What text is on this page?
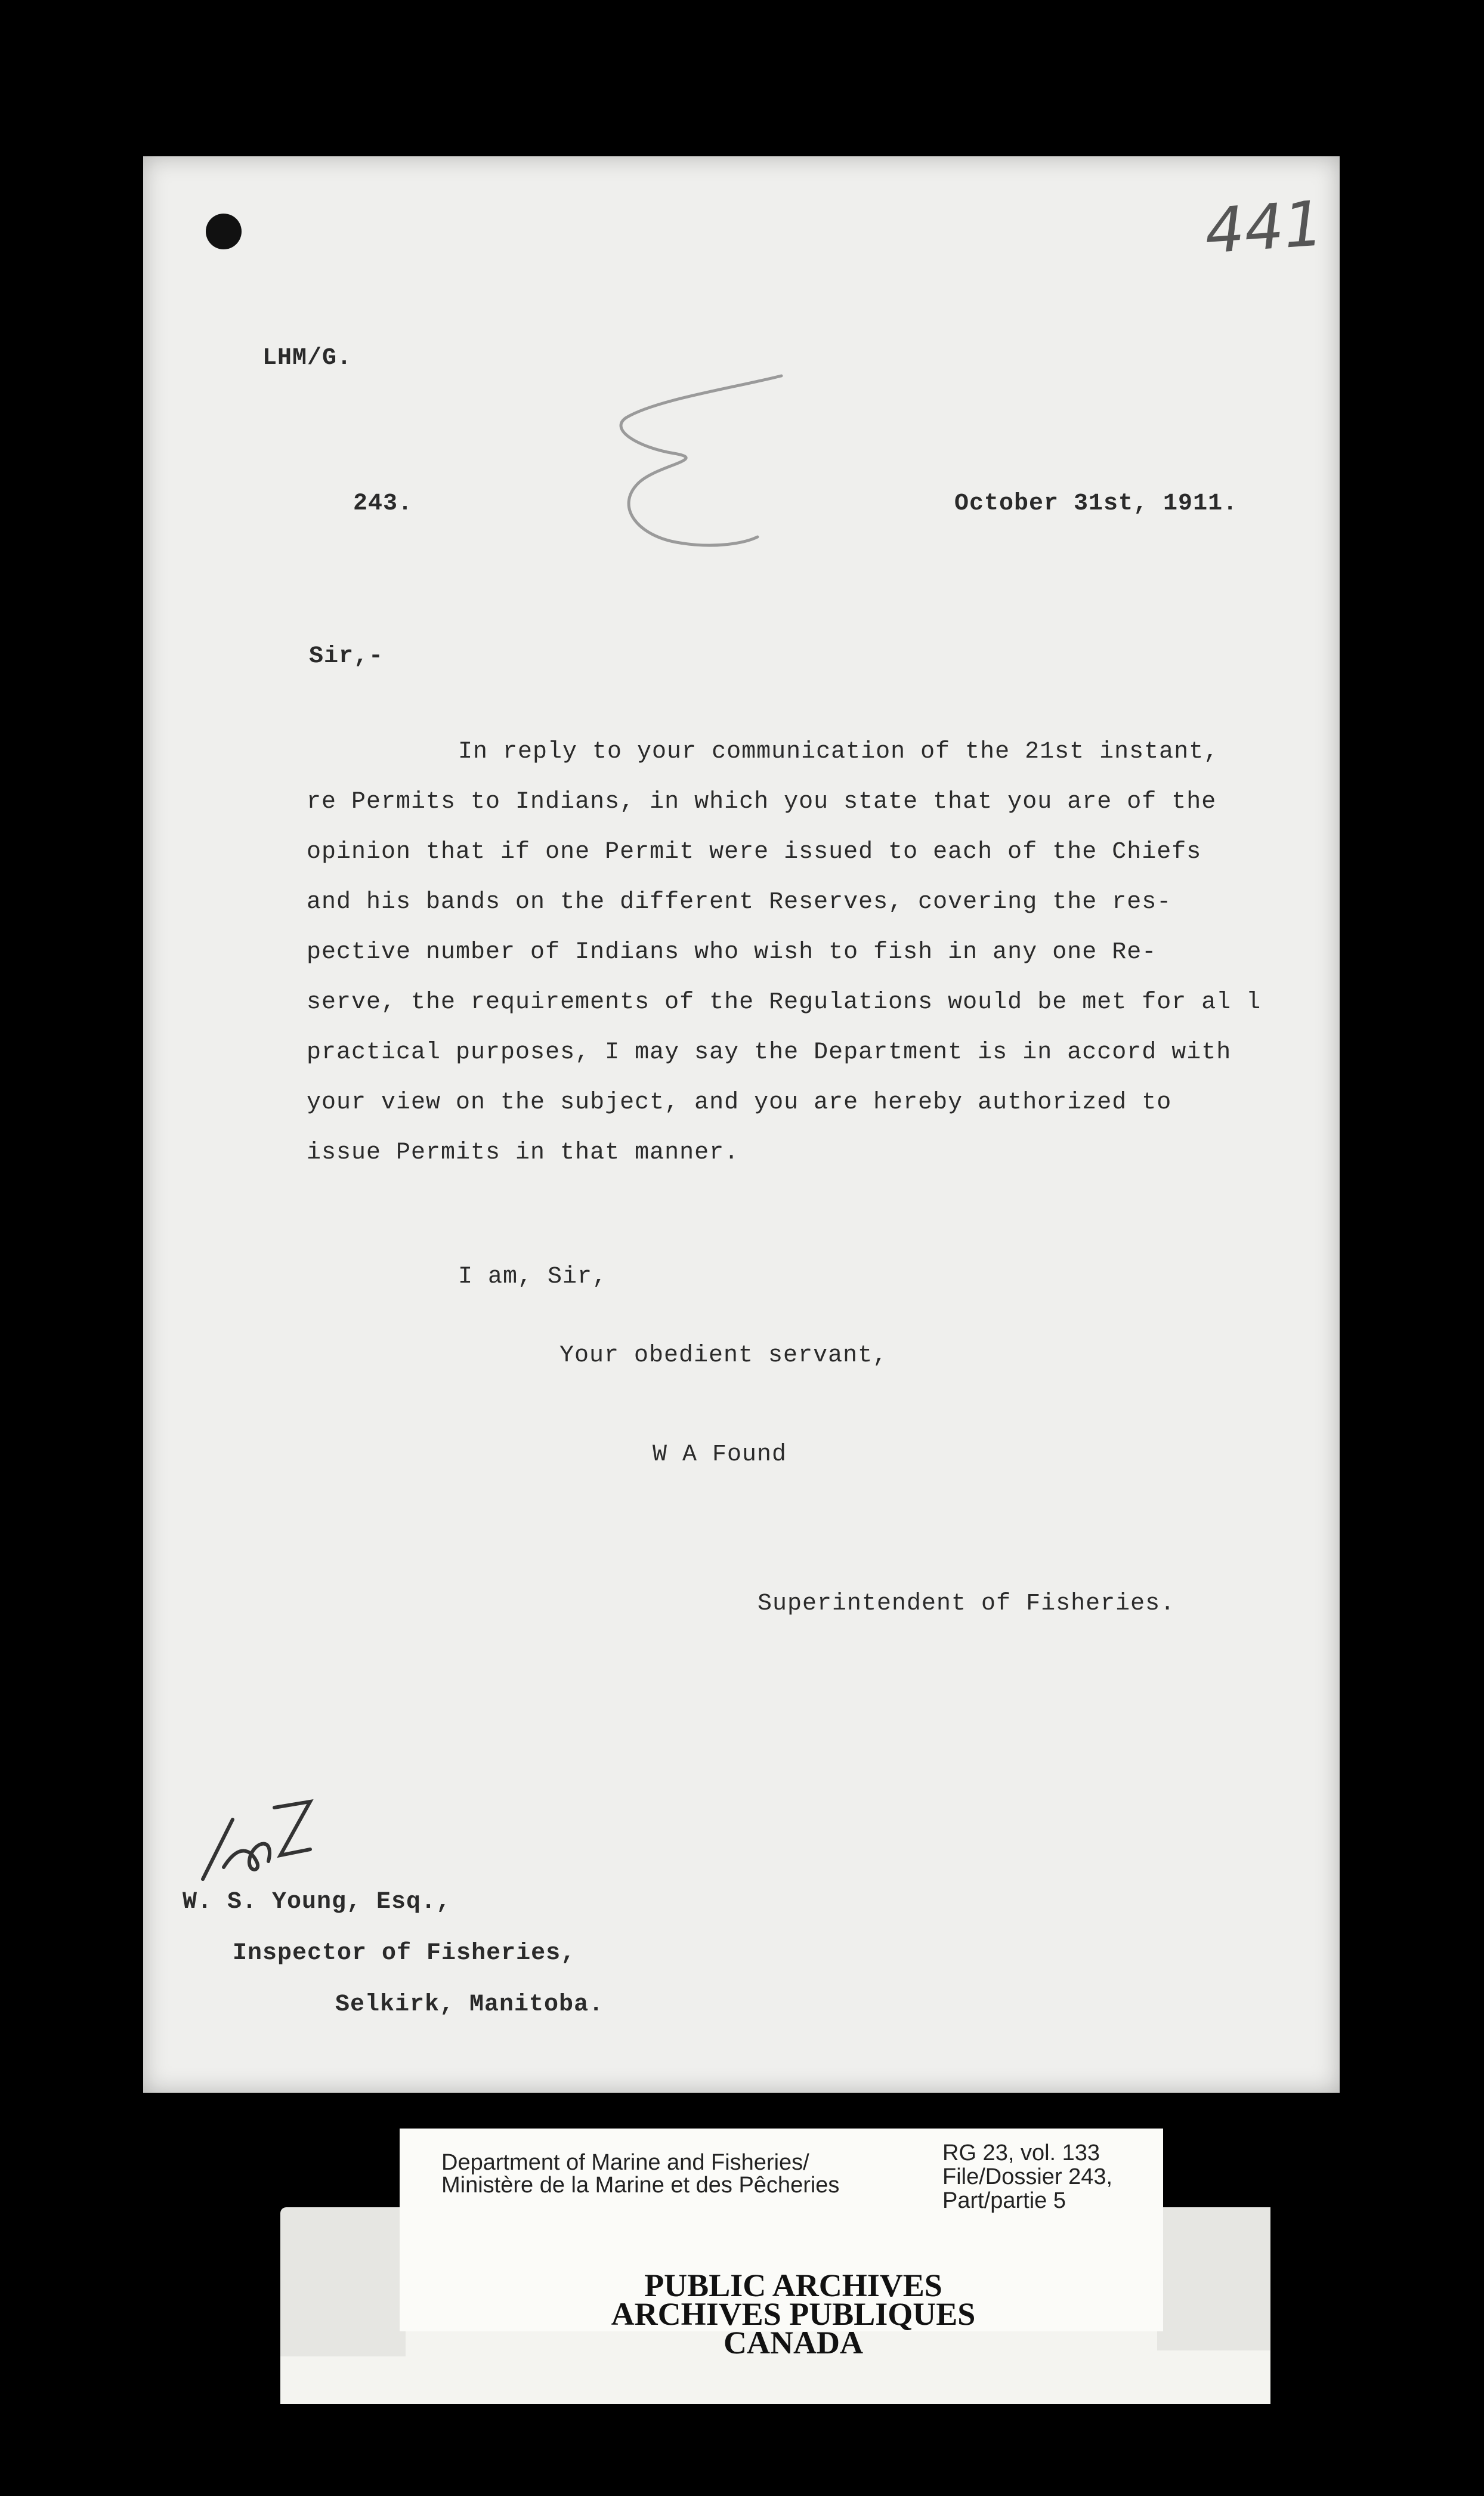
441
LHM/G.
243.	October 31st, 1911.
Sir,-
In reply to your communication of the 21st instant,
re Permits to Indians, in which you state that you are of the
opinion that if one Permit were issued to each of the Chiefs
and his bands on the different Reserves, covering the res-
pective number of Indians who wish to fish in any one Re-
serve, the requirements of the Regulations would be met for al l
practical purposes, I may say the Department is in accord with
your view on the subject, and you are hereby authorized to
issue Permits in that manner.
I am, Sir,
Your obedient servant,
W A Found
Superintendent of Fisheries.
W. S. Young, Esq.,
Inspector of Fisheries,
Selkirk, Manitoba.
Department of Marine and Fisheries/
Ministère de la Marine et des Pêcheries
RG 23, vol. 133
File/Dossier 243,
Part/partie 5
PUBLIC ARCHIVES
ARCHIVES PUBLIQUES
CANADA
